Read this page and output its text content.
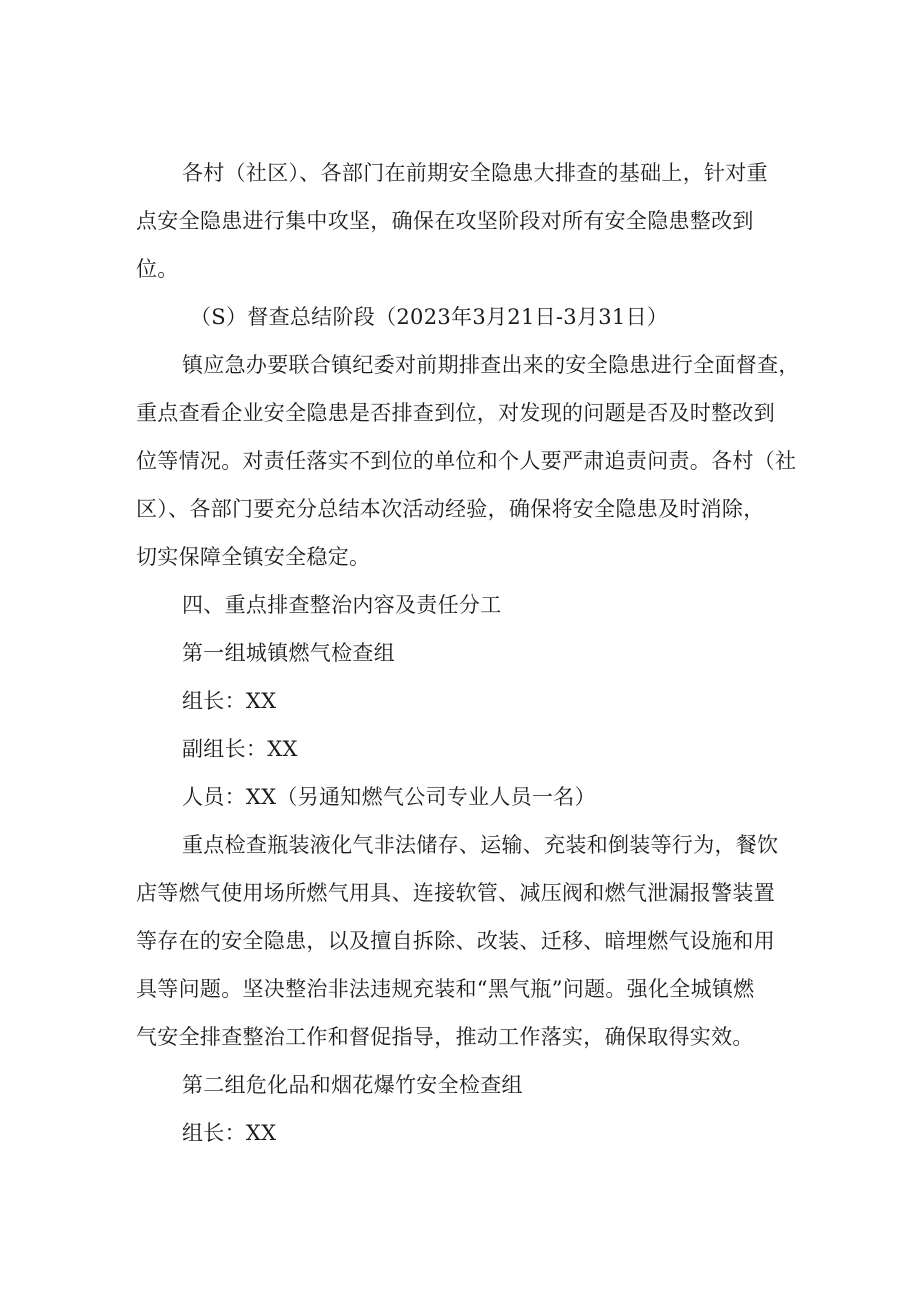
各村（社区）、各部门在前期安全隐患大排查的基础上，针对重
点安全隐患进行集中攻坚，确保在攻坚阶段对所有安全隐患整改到
位。
（S）督查总结阶段（2023年3月21日-3月31日）
镇应急办要联合镇纪委对前期排查出来的安全隐患进行全面督查，
重点查看企业安全隐患是否排查到位，对发现的问题是否及时整改到
位等情况。对责任落实不到位的单位和个人要严肃追责问责。各村（社
区）、各部门要充分总结本次活动经验，确保将安全隐患及时消除，
切实保障全镇安全稳定。
四、重点排查整治内容及责任分工
第一组城镇燃气检查组
组长：XX
副组长：XX
人员：XX（另通知燃气公司专业人员一名）
重点检查瓶装液化气非法储存、运输、充装和倒装等行为，餐饮
店等燃气使用场所燃气用具、连接软管、减压阀和燃气泄漏报警装置
等存在的安全隐患，以及擅自拆除、改装、迁移、暗埋燃气设施和用
具等问题。坚决整治非法违规充装和“黑气瓶”问题。强化全城镇燃
气安全排查整治工作和督促指导，推动工作落实，确保取得实效。
第二组危化品和烟花爆竹安全检查组
组长：XX
